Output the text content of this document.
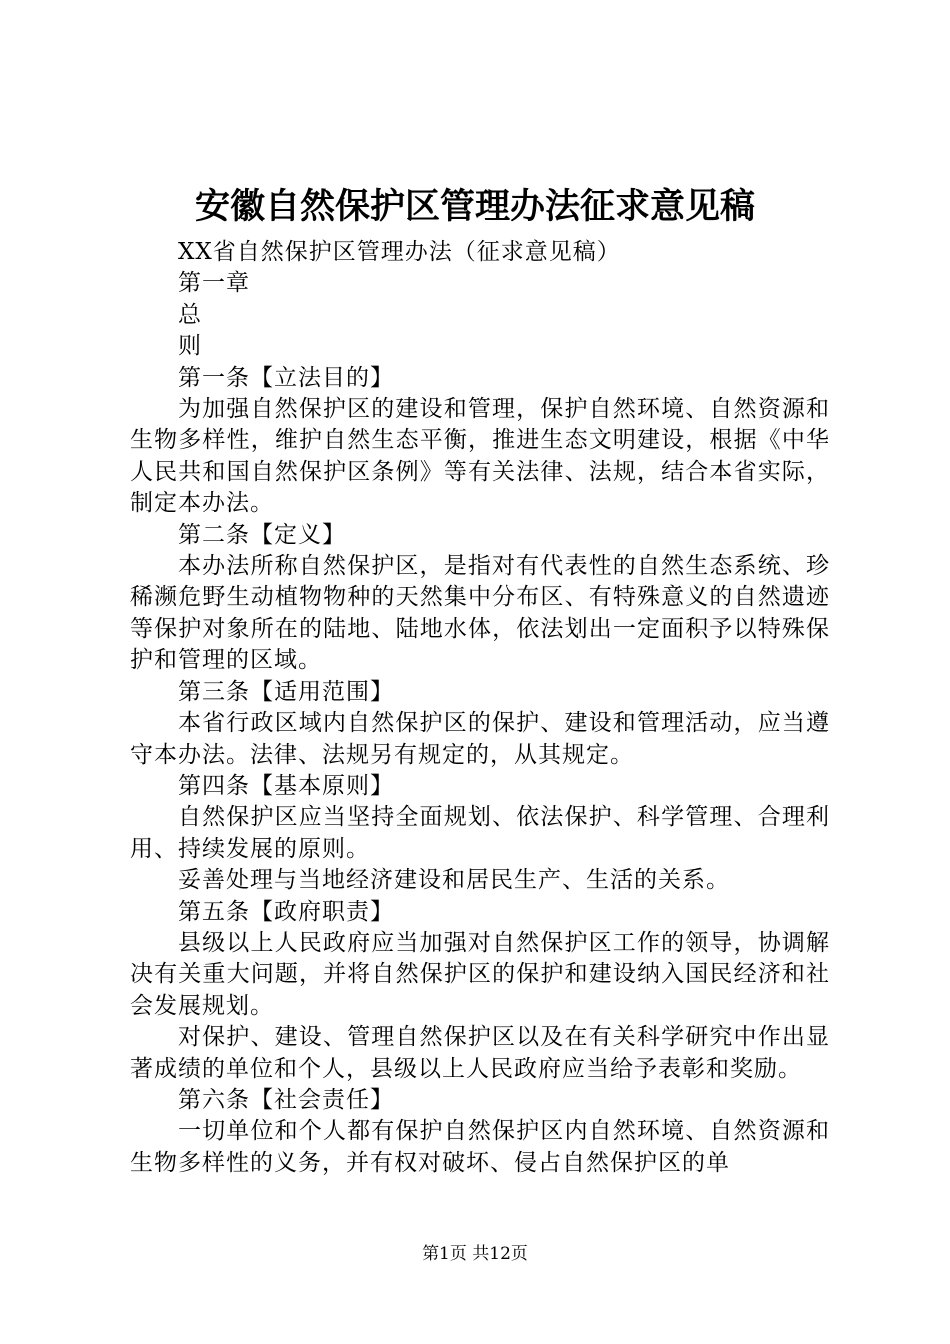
安徽自然保护区管理办法征求意见稿

XX省自然保护区管理办法（征求意见稿）

第一章

总

则

第一条【立法目的】

为加强自然保护区的建设和管理，保护自然环境、自然资源和生物多样性，维护自然生态平衡，推进生态文明建设，根据《中华人民共和国自然保护区条例》等有关法律、法规，结合本省实际，制定本办法。

第二条【定义】

本办法所称自然保护区，是指对有代表性的自然生态系统、珍稀濒危野生动植物物种的天然集中分布区、有特殊意义的自然遗迹等保护对象所在的陆地、陆地水体，依法划出一定面积予以特殊保护和管理的区域。

第三条【适用范围】

本省行政区域内自然保护区的保护、建设和管理活动，应当遵守本办法。法律、法规另有规定的，从其规定。

第四条【基本原则】

自然保护区应当坚持全面规划、依法保护、科学管理、合理利用、持续发展的原则。

妥善处理与当地经济建设和居民生产、生活的关系。

第五条【政府职责】

县级以上人民政府应当加强对自然保护区工作的领导，协调解决有关重大问题，并将自然保护区的保护和建设纳入国民经济和社会发展规划。

对保护、建设、管理自然保护区以及在有关科学研究中作出显著成绩的单位和个人，县级以上人民政府应当给予表彰和奖励。

第六条【社会责任】

一切单位和个人都有保护自然保护区内自然环境、自然资源和生物多样性的义务，并有权对破坏、侵占自然保护区的单

第1页 共12页
